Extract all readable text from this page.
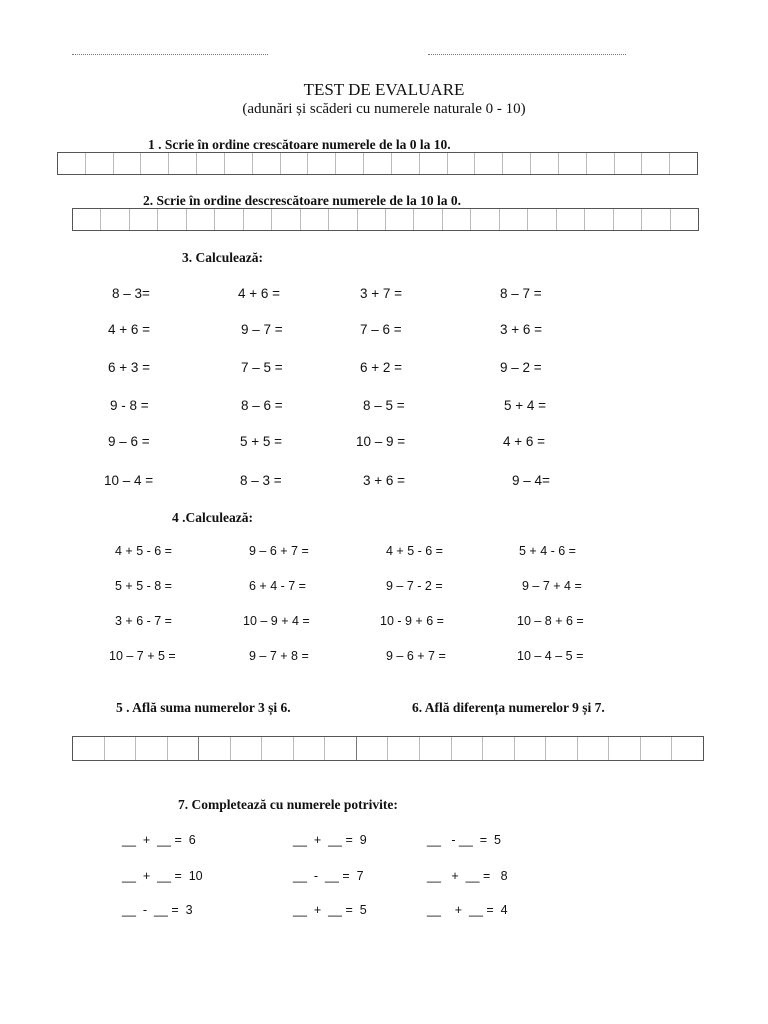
TEST DE EVALUARE
(adunări și scăderi cu numerele naturale 0 - 10)
1 . Scrie în ordine crescătoare numerele de la 0 la 10.
2. Scrie în ordine descrescătoare numerele de la 10 la 0.
3. Calculează:
8 – 3=	4 + 6 =	3 + 7 =	8 – 7 =
4 + 6 =	9 – 7 =	7 – 6 =	3 + 6 =
6 + 3 =	7 – 5 =	6 + 2 =	9 – 2 =
9 - 8 =	8 – 6 =	8 – 5 =	5 + 4 =
9 – 6 =	5 + 5 =	10 – 9 =	4 + 6 =
10 – 4 =	8 – 3 =	3 + 6 =	9 – 4=
4 .Calculează:
4 + 5 - 6 =	9 – 6 + 7 =	4 + 5 - 6 =	5 + 4 - 6 =
5 + 5 - 8 =	6 + 4 - 7 =	9 – 7 - 2 =	9 – 7 + 4 =
3 + 6 - 7 =	10 – 9 + 4 =	10 - 9 + 6 =	10 – 8 + 6 =
10 – 7 + 5 =	9 – 7 + 8 =	9 – 6 + 7 =	10 – 4 – 5 =
5 . Află suma numerelor 3 și 6.	6. Află diferența numerelor 9 și 7.
7. Completează cu numerele potrivite:
__  +  __ =  6	__  +  __ =  9	__   - __  =  5
__  +  __ =  10	__  -  __ =  7	__   +  __ =   8
__  -  __ =  3	__  +  __ =  5	__    +  __ =  4
